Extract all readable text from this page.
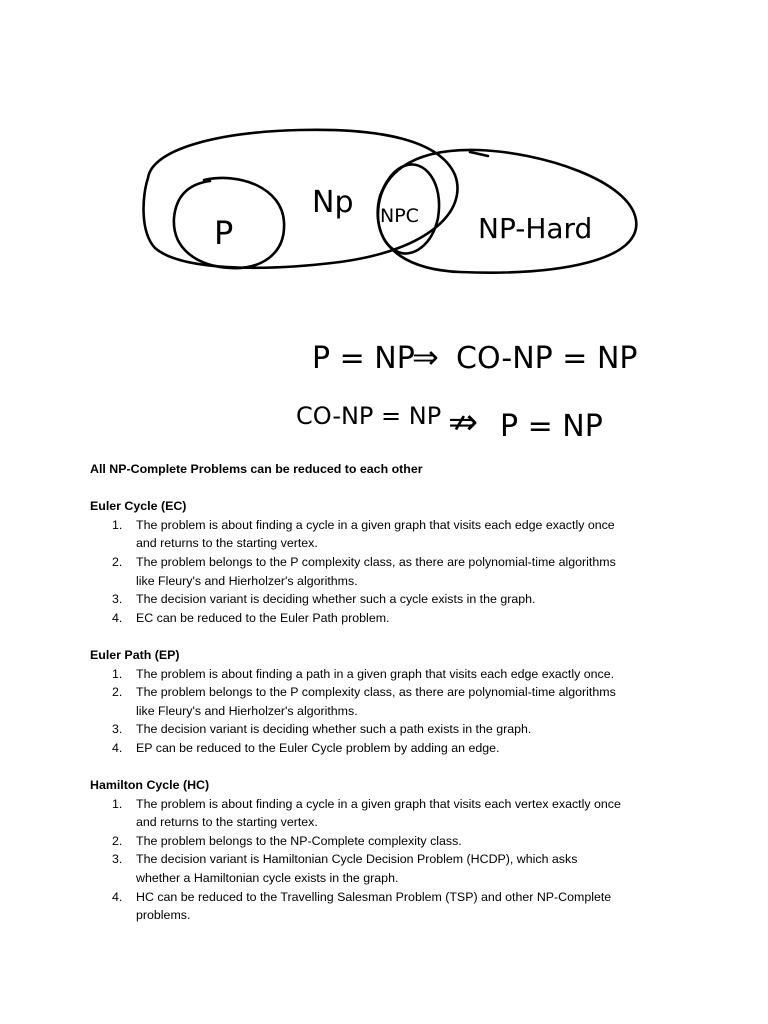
P
Np NPC NP-Hard
P = NP
⇒ CO-NP = NP
CO-NP = NP ⇏ P = NP

All NP-Complete Problems can be reduced to each other

Euler Cycle (EC)

1. The problem is about finding a cycle in a given graph that visits each edge exactly once
and returns to the starting vertex.
2. The problem belongs to the P complexity class, as there are polynomial-time algorithms
like Fleury's and Hierholzer's algorithms.
3. The decision variant is deciding whether such a cycle exists in the graph.
4. EC can be reduced to the Euler Path problem.

Euler Path (EP)

1. The problem is about finding a path in a given graph that visits each edge exactly once.
2. The problem belongs to the P complexity class, as there are polynomial-time algorithms
like Fleury's and Hierholzer's algorithms.
3. The decision variant is deciding whether such a path exists in the graph.
4. EP can be reduced to the Euler Cycle problem by adding an edge.

Hamilton Cycle (HC)

1. The problem is about finding a cycle in a given graph that visits each vertex exactly once
and returns to the starting vertex.
2. The problem belongs to the NP-Complete complexity class.
3. The decision variant is Hamiltonian Cycle Decision Problem (HCDP), which asks
whether a Hamiltonian cycle exists in the graph.
4. HC can be reduced to the Travelling Salesman Problem (TSP) and other NP-Complete
problems.
